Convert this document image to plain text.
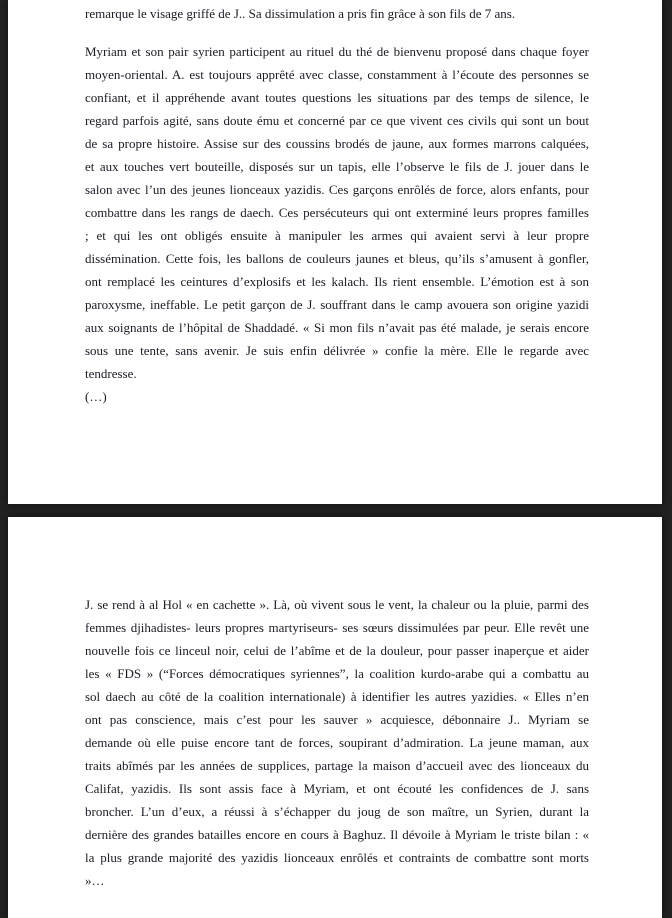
remarque le visage griffé de J.. Sa dissimulation a pris fin grâce à son fils de 7 ans.
Myriam et son pair syrien participent au rituel du thé de bienvenu proposé dans chaque foyer
moyen-oriental. A. est toujours apprêté avec classe, constamment à l’écoute des personnes se
confiant, et il appréhende avant toutes questions les situations par des temps de silence, le
regard parfois agité, sans doute ému et concerné par ce que vivent ces civils qui sont un bout
de sa propre histoire. Assise sur des coussins brodés de jaune, aux formes marrons calquées,
et aux touches vert bouteille, disposés sur un tapis, elle l’observe le fils de J. jouer dans le
salon avec l’un des jeunes lionceaux yazidis. Ces garçons enrôlés de force, alors enfants, pour
combattre dans les rangs de daech. Ces persécuteurs qui ont exterminé leurs propres familles
; et qui les ont obligés ensuite à manipuler les armes qui avaient servi à leur propre
dissémination. Cette fois, les ballons de couleurs jaunes et bleus, qu’ils s’amusent à gonfler,
ont remplacé les ceintures d’explosifs et les kalach. Ils rient ensemble. L’émotion est à son
paroxysme, ineffable. Le petit garçon de J. souffrant dans le camp avouera son origine yazidi
aux soignants de l’hôpital de Shaddadé. « Si mon fils n’avait pas été malade, je serais encore
sous une tente, sans avenir. Je suis enfin délivrée » confie la mère. Elle le regarde avec
tendresse.
(…)
J. se rend à al Hol « en cachette ». Là, où vivent sous le vent, la chaleur ou la pluie, parmi des
femmes djihadistes- leurs propres martyriseurs- ses sœurs dissimulées par peur. Elle revêt une
nouvelle fois ce linceul noir, celui de l’abîme et de la douleur, pour passer inaperçue et aider
les « FDS » (“Forces démocratiques syriennes”, la coalition kurdo-arabe qui a combattu au
sol daech au côté de la coalition internationale) à identifier les autres yazidies. « Elles n’en
ont pas conscience, mais c’est pour les sauver » acquiesce, débonnaire J.. Myriam se
demande où elle puise encore tant de forces, soupirant d’admiration. La jeune maman, aux
traits abîmés par les années de supplices, partage la maison d’accueil avec des lionceaux du
Califat, yazidis. Ils sont assis face à Myriam, et ont écouté les confidences de J. sans
broncher. L’un d’eux, a réussi à s’échapper du joug de son maître, un Syrien, durant la
dernière des grandes batailles encore en cours à Baghuz. Il dévoile à Myriam le triste bilan : «
la plus grande majorité des yazidis lionceaux enrôlés et contraints de combattre sont morts
»…
